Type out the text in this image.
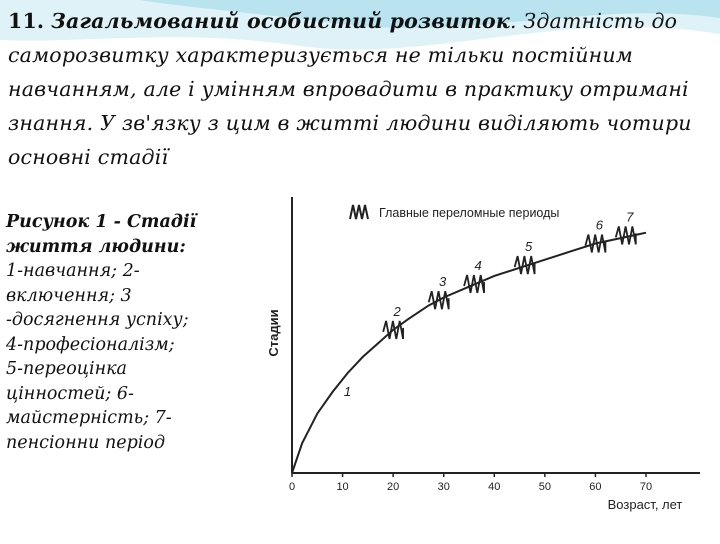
11. Загальмований особистий розвиток. Здатність до саморозвитку характеризується не тільки постійним навчанням, але і умінням впровадити в практику отримані знання. У зв'язку з цим в житті людини виділяють чотири основні стадії
Рисунок 1 - Стадії життя людини:
1-навчання; 2-включення; 3 -досягнення успіху;
4-професіоналізм;
5-переоцінка цінностей; 6-майстерність; 7-пенсіонни період
0	10	20	30	40	50	60	70
2
3
4
5
6
7
1
Стадии
Возраст, лет
Главные переломные периоды
